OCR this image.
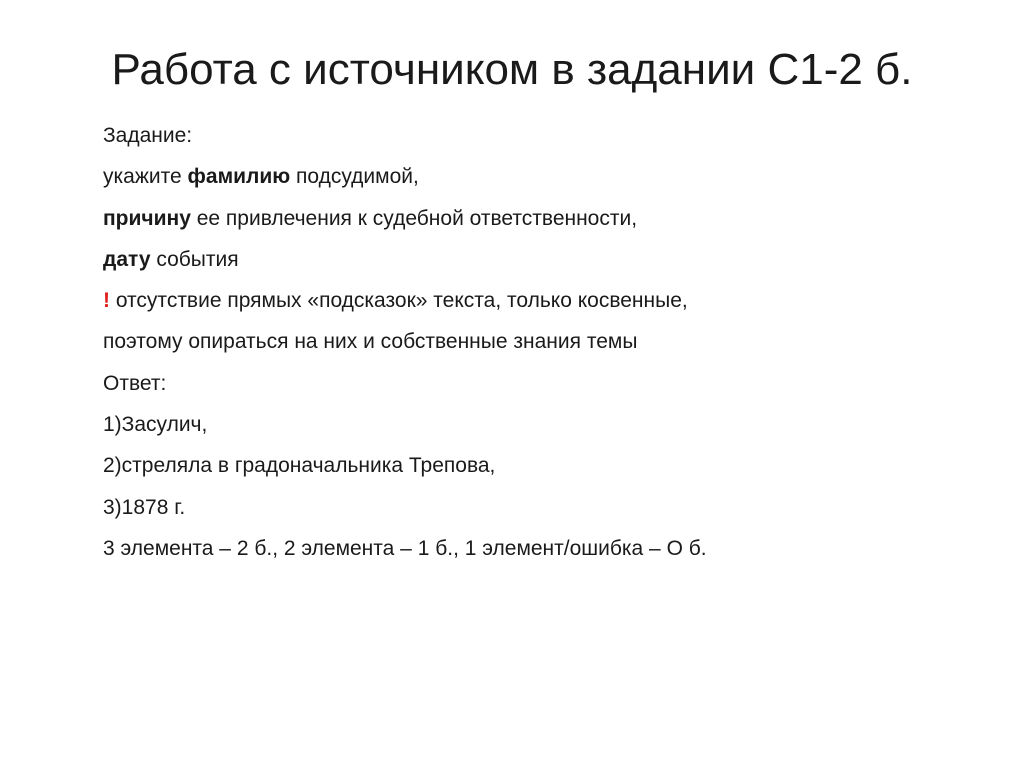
Работа с источником в задании С1-2 б.
Задание:
укажите фамилию подсудимой,
причину ее привлечения к судебной ответственности,
дату события
! отсутствие прямых «подсказок» текста, только косвенные,
поэтому опираться на них и собственные знания темы
Ответ:
1)Засулич,
2)стреляла в градоначальника Трепова,
3)1878 г.
3 элемента – 2 б., 2 элемента – 1 б., 1 элемент/ошибка – О б.
